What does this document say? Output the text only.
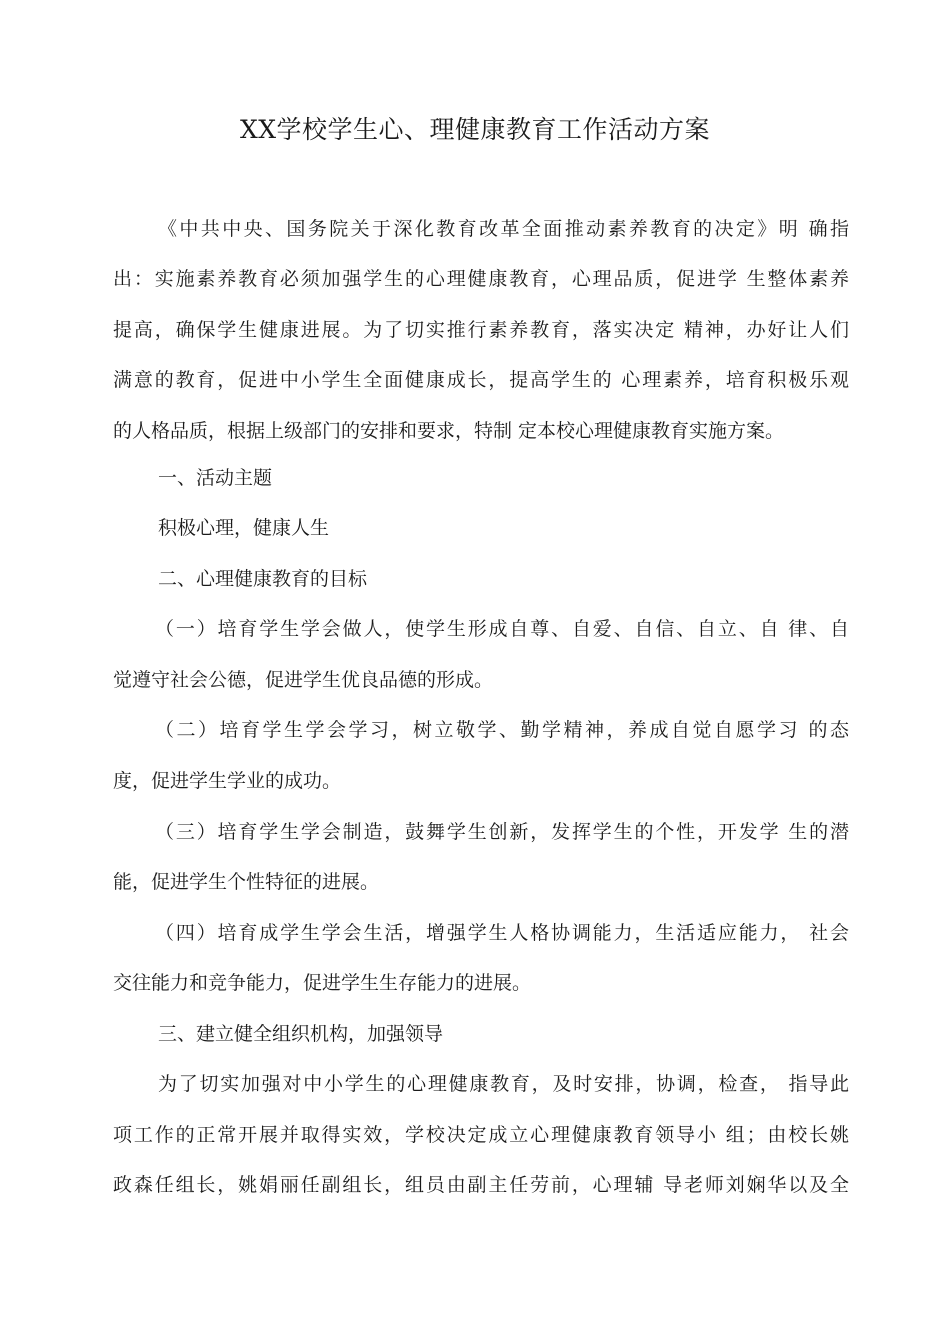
XX学校学生心、理健康教育工作活动方案
《中共中央、国务院关于深化教育改革全面推动素养教育的决定》明 确指
出：实施素养教育必须加强学生的心理健康教育，心理品质，促进学 生整体素养
提高，确保学生健康进展。为了切实推行素养教育，落实决定 精神，办好让人们
满意的教育，促进中小学生全面健康成长，提高学生的 心理素养，培育积极乐观
的人格品质，根据上级部门的安排和要求，特制 定本校心理健康教育实施方案。
一、活动主题
积极心理，健康人生
二、心理健康教育的目标
（一）培育学生学会做人，使学生形成自尊、自爱、自信、自立、自 律、自
觉遵守社会公德，促进学生优良品德的形成。
（二）培育学生学会学习，树立敬学、勤学精神，养成自觉自愿学习 的态
度，促进学生学业的成功。
（三）培育学生学会制造，鼓舞学生创新，发挥学生的个性，开发学 生的潜
能，促进学生个性特征的进展。
（四）培育成学生学会生活，增强学生人格协调能力，生活适应能力， 社会
交往能力和竞争能力，促进学生生存能力的进展。
三、建立健全组织机构，加强领导
为了切实加强对中小学生的心理健康教育，及时安排，协调，检查， 指导此
项工作的正常开展并取得实效，学校决定成立心理健康教育领导小 组；由校长姚
政森任组长，姚娟丽任副组长，组员由副主任劳前，心理辅 导老师刘娴华以及全
